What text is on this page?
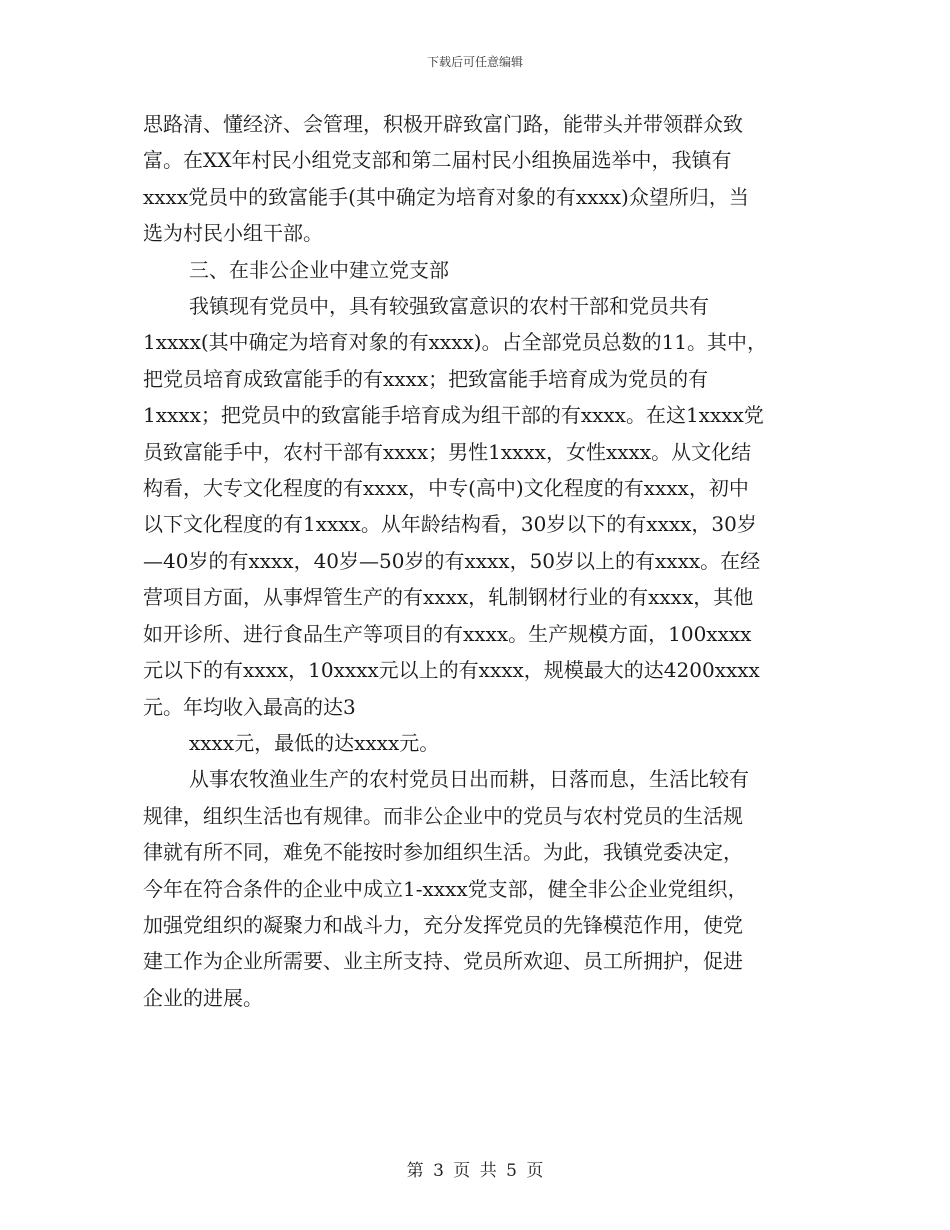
下载后可任意编辑

思路清、懂经济、会管理，积极开辟致富门路，能带头并带领群众致

富。在XX年村民小组党支部和第二届村民小组换届选举中，我镇有

xxxx党员中的致富能手(其中确定为培育对象的有xxxx)众望所归，当

选为村民小组干部。

三、在非公企业中建立党支部

我镇现有党员中，具有较强致富意识的农村干部和党员共有

1xxxx(其中确定为培育对象的有xxxx)。占全部党员总数的11。其中，

把党员培育成致富能手的有xxxx；把致富能手培育成为党员的有

1xxxx；把党员中的致富能手培育成为组干部的有xxxx。在这1xxxx党

员致富能手中，农村干部有xxxx；男性1xxxx，女性xxxx。从文化结

构看，大专文化程度的有xxxx，中专(高中)文化程度的有xxxx，初中

以下文化程度的有1xxxx。从年龄结构看，30岁以下的有xxxx，30岁

—40岁的有xxxx，40岁—50岁的有xxxx，50岁以上的有xxxx。在经

营项目方面，从事焊管生产的有xxxx，轧制钢材行业的有xxxx，其他

如开诊所、进行食品生产等项目的有xxxx。生产规模方面，100xxxx

元以下的有xxxx，10xxxx元以上的有xxxx，规模最大的达4200xxxx

元。年均收入最高的达3

xxxx元，最低的达xxxx元。

从事农牧渔业生产的农村党员日出而耕，日落而息，生活比较有

规律，组织生活也有规律。而非公企业中的党员与农村党员的生活规

律就有所不同，难免不能按时参加组织生活。为此，我镇党委决定，

今年在符合条件的企业中成立1-xxxx党支部，健全非公企业党组织，

加强党组织的凝聚力和战斗力，充分发挥党员的先锋模范作用，使党

建工作为企业所需要、业主所支持、党员所欢迎、员工所拥护，促进

企业的进展。

第 3 页 共 5 页
